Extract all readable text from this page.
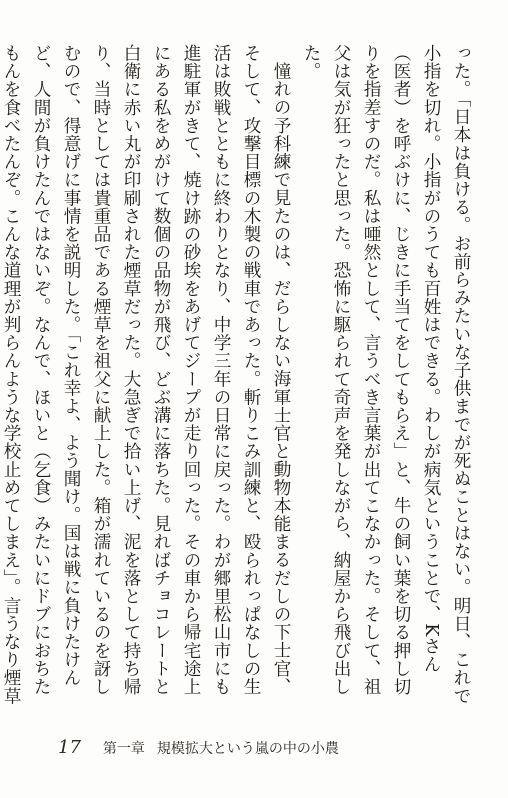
った。「日本は負ける。お前らみたいな子供までが死ぬことはない。明日、これで小指を切れ。小指がのうても百姓はできる。わしが病気ということで、Kさん（医者）を呼ぶけに、じきに手当てをしてもらえ」と、牛の飼い葉を切る押し切りを指差すのだ。私は唖然として、言うべき言葉が出てこなかった。そして、祖父は気が狂ったと思った。恐怖に駆られて奇声を発しながら、納屋から飛び出した。

憧れの予科練で見たのは、だらしない海軍士官と動物本能まるだしの下士官、そして、攻撃目標の木製の戦車であった。斬りこみ訓練と、殴られっぱなしの生活は敗戦とともに終わりとなり、中学三年の日常に戻った。わが郷里松山市にも進駐軍がきて、焼け跡の砂埃をあげてジープが走り回った。その車から帰宅途上にある私をめがけて数個の品物が飛び、どぶ溝に落ちた。見ればチョコレートと白衛に赤い丸が印刷された煙草だった。大急ぎで拾い上げ、泥を落として持ち帰り、当時としては貴重品である煙草を祖父に献上した。箱が濡れているのを訝しむので、得意げに事情を説明した。「これ幸よ、よう聞け。国は戦に負けたけんど、人間が負けたんではないぞ。なんで、ほいと（乞食）みたいにドブにおちたもんを食べたんぞ。こんな道理が判らんような学校止めてしまえ」。言うなり煙草

17 第一章 規模拡大という嵐の中の小農
